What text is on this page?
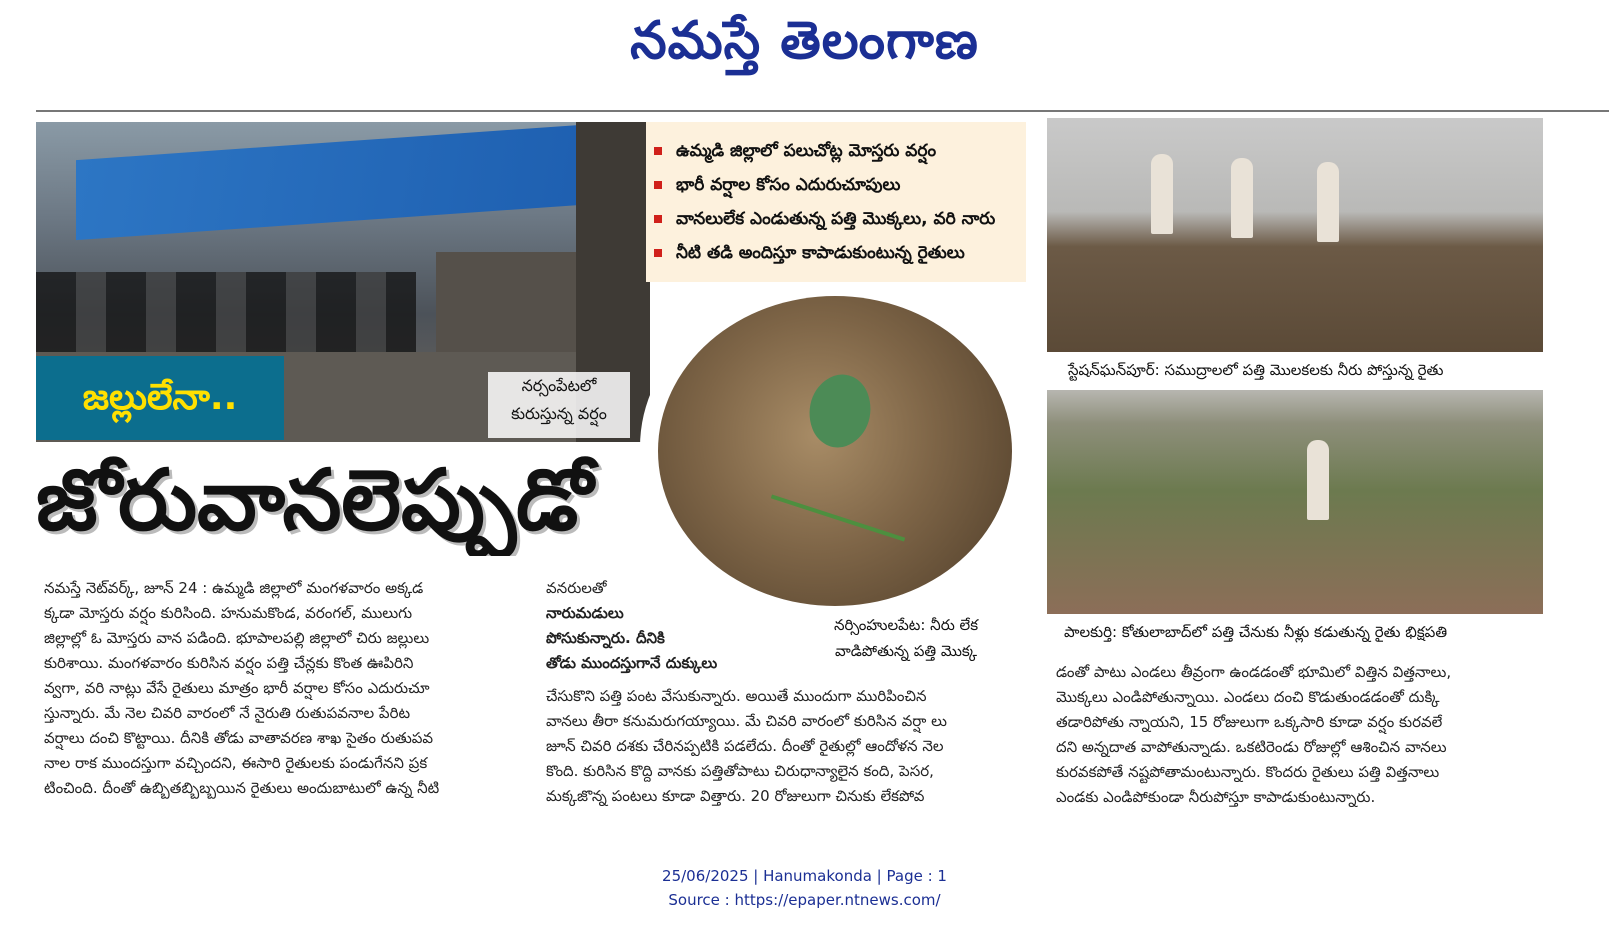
నమస్తే తెలంగాణ
జల్లులేనా..	నర్సంపేటలో
కురుస్తున్న వర్షం
ఉమ్మడి జిల్లాలో పలుచోట్ల మోస్తరు వర్షం
భారీ వర్షాల కోసం ఎదురుచూపులు
వానలులేక ఎండుతున్న పత్తి మొక్కలు, వరి నారు
నీటి తడి అందిస్తూ కాపాడుకుంటున్న రైతులు
నర్సింహులపేట: నీరు లేక
వాడిపోతున్న పత్తి మొక్క
జోరువానలెప్పుడో
స్టేషన్‌ఘన్‌పూర్: సముద్రాలలో పత్తి మొలకలకు నీరు పోస్తున్న రైతు
పాలకుర్తి: కోతులాబాద్‌లో పత్తి చేనుకు నీళ్లు కడుతున్న రైతు భిక్షపతి

నమస్తే నెట్‌వర్క్, జూన్ 24 : ఉమ్మడి జిల్లాలో మంగళవారం అక్కడ

క్కడా మోస్తరు వర్షం కురిసింది. హనుమకొండ, వరంగల్, ములుగు

జిల్లాల్లో ఓ మోస్తరు వాన పడింది. భూపాలపల్లి జిల్లాలో చిరు జల్లులు

కురిశాయి. మంగళవారం కురిసిన వర్షం పత్తి చేన్లకు కొంత ఊపిరిని

వ్వగా, వరి నాట్లు వేసే రైతులు మాత్రం భారీ వర్షాల కోసం ఎదురుచూ

స్తున్నారు. మే నెల చివరి వారంలో నే నైరుతి రుతుపవనాల పేరిట

వర్షాలు దంచి కొట్టాయి. దీనికి తోడు వాతావరణ శాఖ సైతం రుతుపవ

నాల రాక ముందస్తుగా వచ్చిందని, ఈసారి రైతులకు పండుగేనని ప్రక

టించింది. దీంతో ఉబ్బితబ్బిబ్బయిన రైతులు అందుబాటులో ఉన్న నీటి

వనరులతో

నారుమడులు

పోసుకున్నారు. దీనికి

తోడు ముందస్తుగానే దుక్కులు

చేసుకొని పత్తి పంట వేసుకున్నారు. అయితే ముందుగా మురిపించిన

వానలు తీరా కనుమరుగయ్యాయి. మే చివరి వారంలో కురిసిన వర్షా లు

జూన్ చివరి దశకు చేరినప్పటికి పడలేదు. దీంతో రైతుల్లో ఆందోళన నెల

కొంది. కురిసిన కొద్ది వానకు పత్తితోపాటు చిరుధాన్యాలైన కంది, పెసర,

మక్కజొన్న పంటలు కూడా విత్తారు. 20 రోజులుగా చినుకు లేకపోవ

డంతో పాటు ఎండలు తీవ్రంగా ఉండడంతో భూమిలో విత్తిన విత్తనాలు,

మొక్కలు ఎండిపోతున్నాయి. ఎండలు దంచి కొడుతుండడంతో దుక్కి

తడారిపోతు న్నాయని, 15 రోజులుగా ఒక్కసారి కూడా వర్షం కురవలే

దని అన్నదాత వాపోతున్నాడు. ఒకటిరెండు రోజుల్లో ఆశించిన వానలు

కురవకపోతే నష్టపోతామంటున్నారు. కొందరు రైతులు పత్తి విత్తనాలు

ఎండకు ఎండిపోకుండా నీరుపోస్తూ కాపాడుకుంటున్నారు.

25/06/2025 | Hanumakonda | Page : 1
Source : https://epaper.ntnews.com/
